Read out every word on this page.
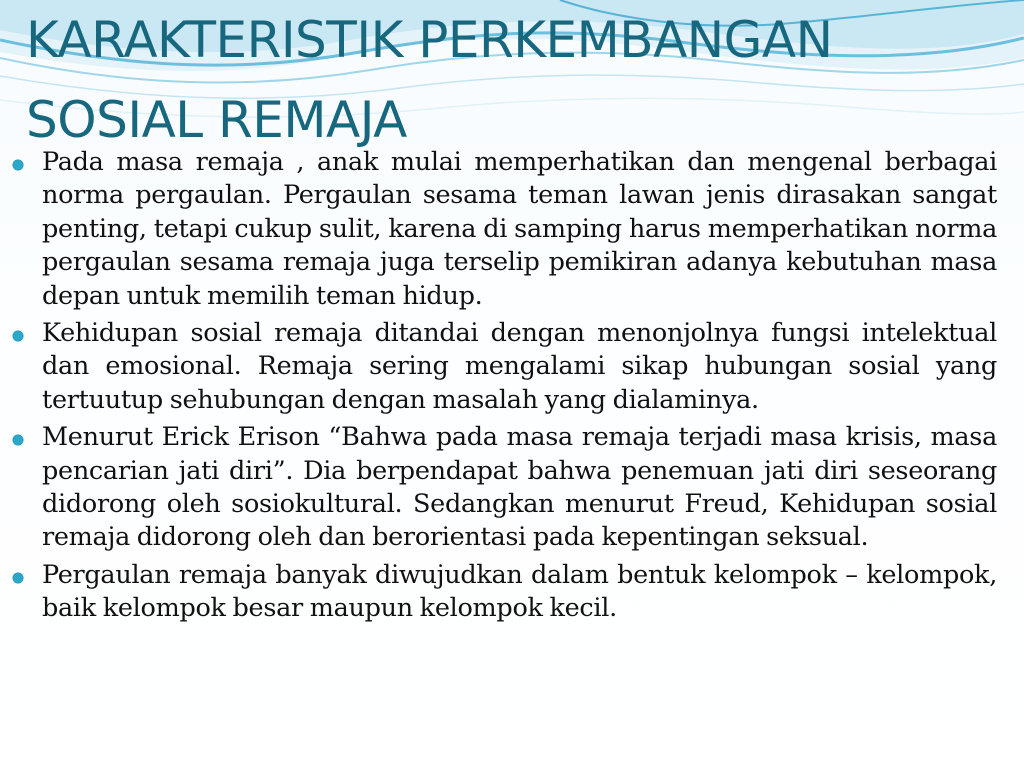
KARAKTERISTIK PERKEMBANGAN
SOSIAL REMAJA
Pada masa remaja , anak mulai memperhatikan dan mengenal berbagai norma pergaulan. Pergaulan sesama teman lawan jenis dirasakan sangat penting, tetapi cukup sulit, karena di samping harus memperhatikan norma pergaulan sesama remaja juga terselip pemikiran adanya kebutuhan masa depan untuk memilih teman hidup.
Kehidupan sosial remaja ditandai dengan menonjolnya fungsi intelektual dan emosional. Remaja sering mengalami sikap hubungan sosial yang tertuutup sehubungan dengan masalah yang dialaminya.
Menurut Erick Erison “Bahwa pada masa remaja terjadi masa krisis, masa pencarian jati diri”. Dia berpendapat bahwa penemuan jati diri seseorang didorong oleh sosiokultural. Sedangkan menurut Freud, Kehidupan sosial remaja didorong oleh dan berorientasi pada kepentingan seksual.
Pergaulan remaja banyak diwujudkan dalam bentuk kelompok – kelompok, baik kelompok besar maupun kelompok kecil.
